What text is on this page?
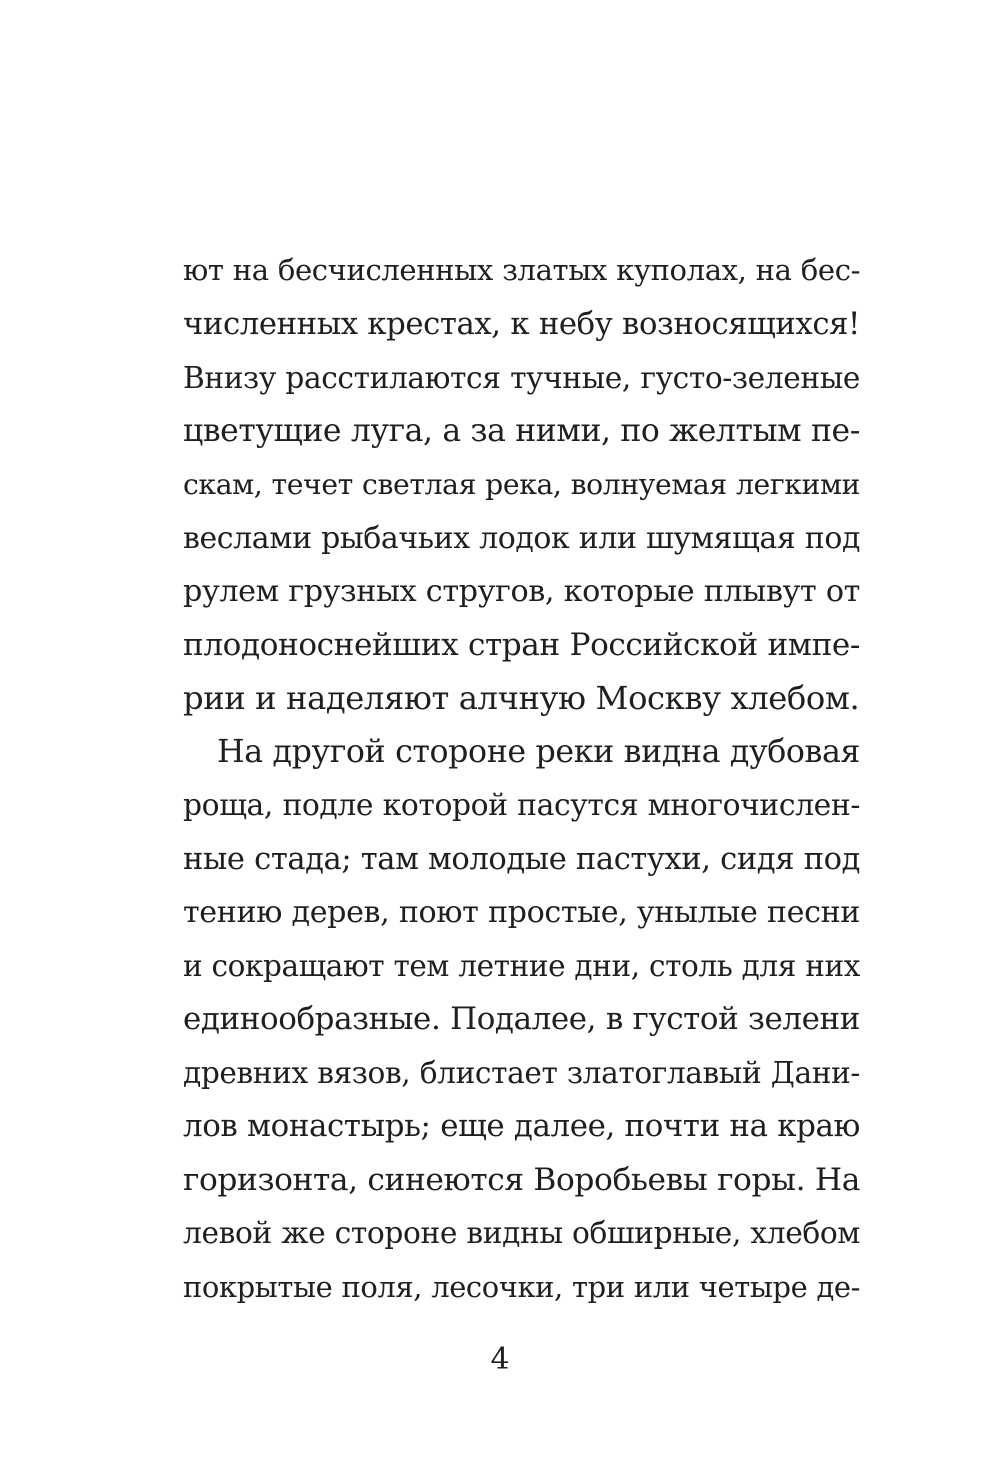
ют на бесчисленных златых куполах, на бес-
численных крестах, к небу возносящихся!
Внизу расстилаются тучные, густо-зеленые
цветущие луга, а за ними, по желтым пе-
скам, течет светлая река, волнуемая легкими
веслами рыбачьих лодок или шумящая под
рулем грузных стругов, которые плывут от
плодоноснейших стран Российской импе-
рии и наделяют алчную Москву хлебом.
На другой стороне реки видна дубовая
роща, подле которой пасутся многочислен-
ные стада; там молодые пастухи, сидя под
тению дерев, поют простые, унылые песни
и сокращают тем летние дни, столь для них
единообразные. Подалее, в густой зелени
древних вязов, блистает златоглавый Дани-
лов монастырь; еще далее, почти на краю
горизонта, синеются Воробьевы горы. На
левой же стороне видны обширные, хлебом
покрытые поля, лесочки, три или четыре де-
4
